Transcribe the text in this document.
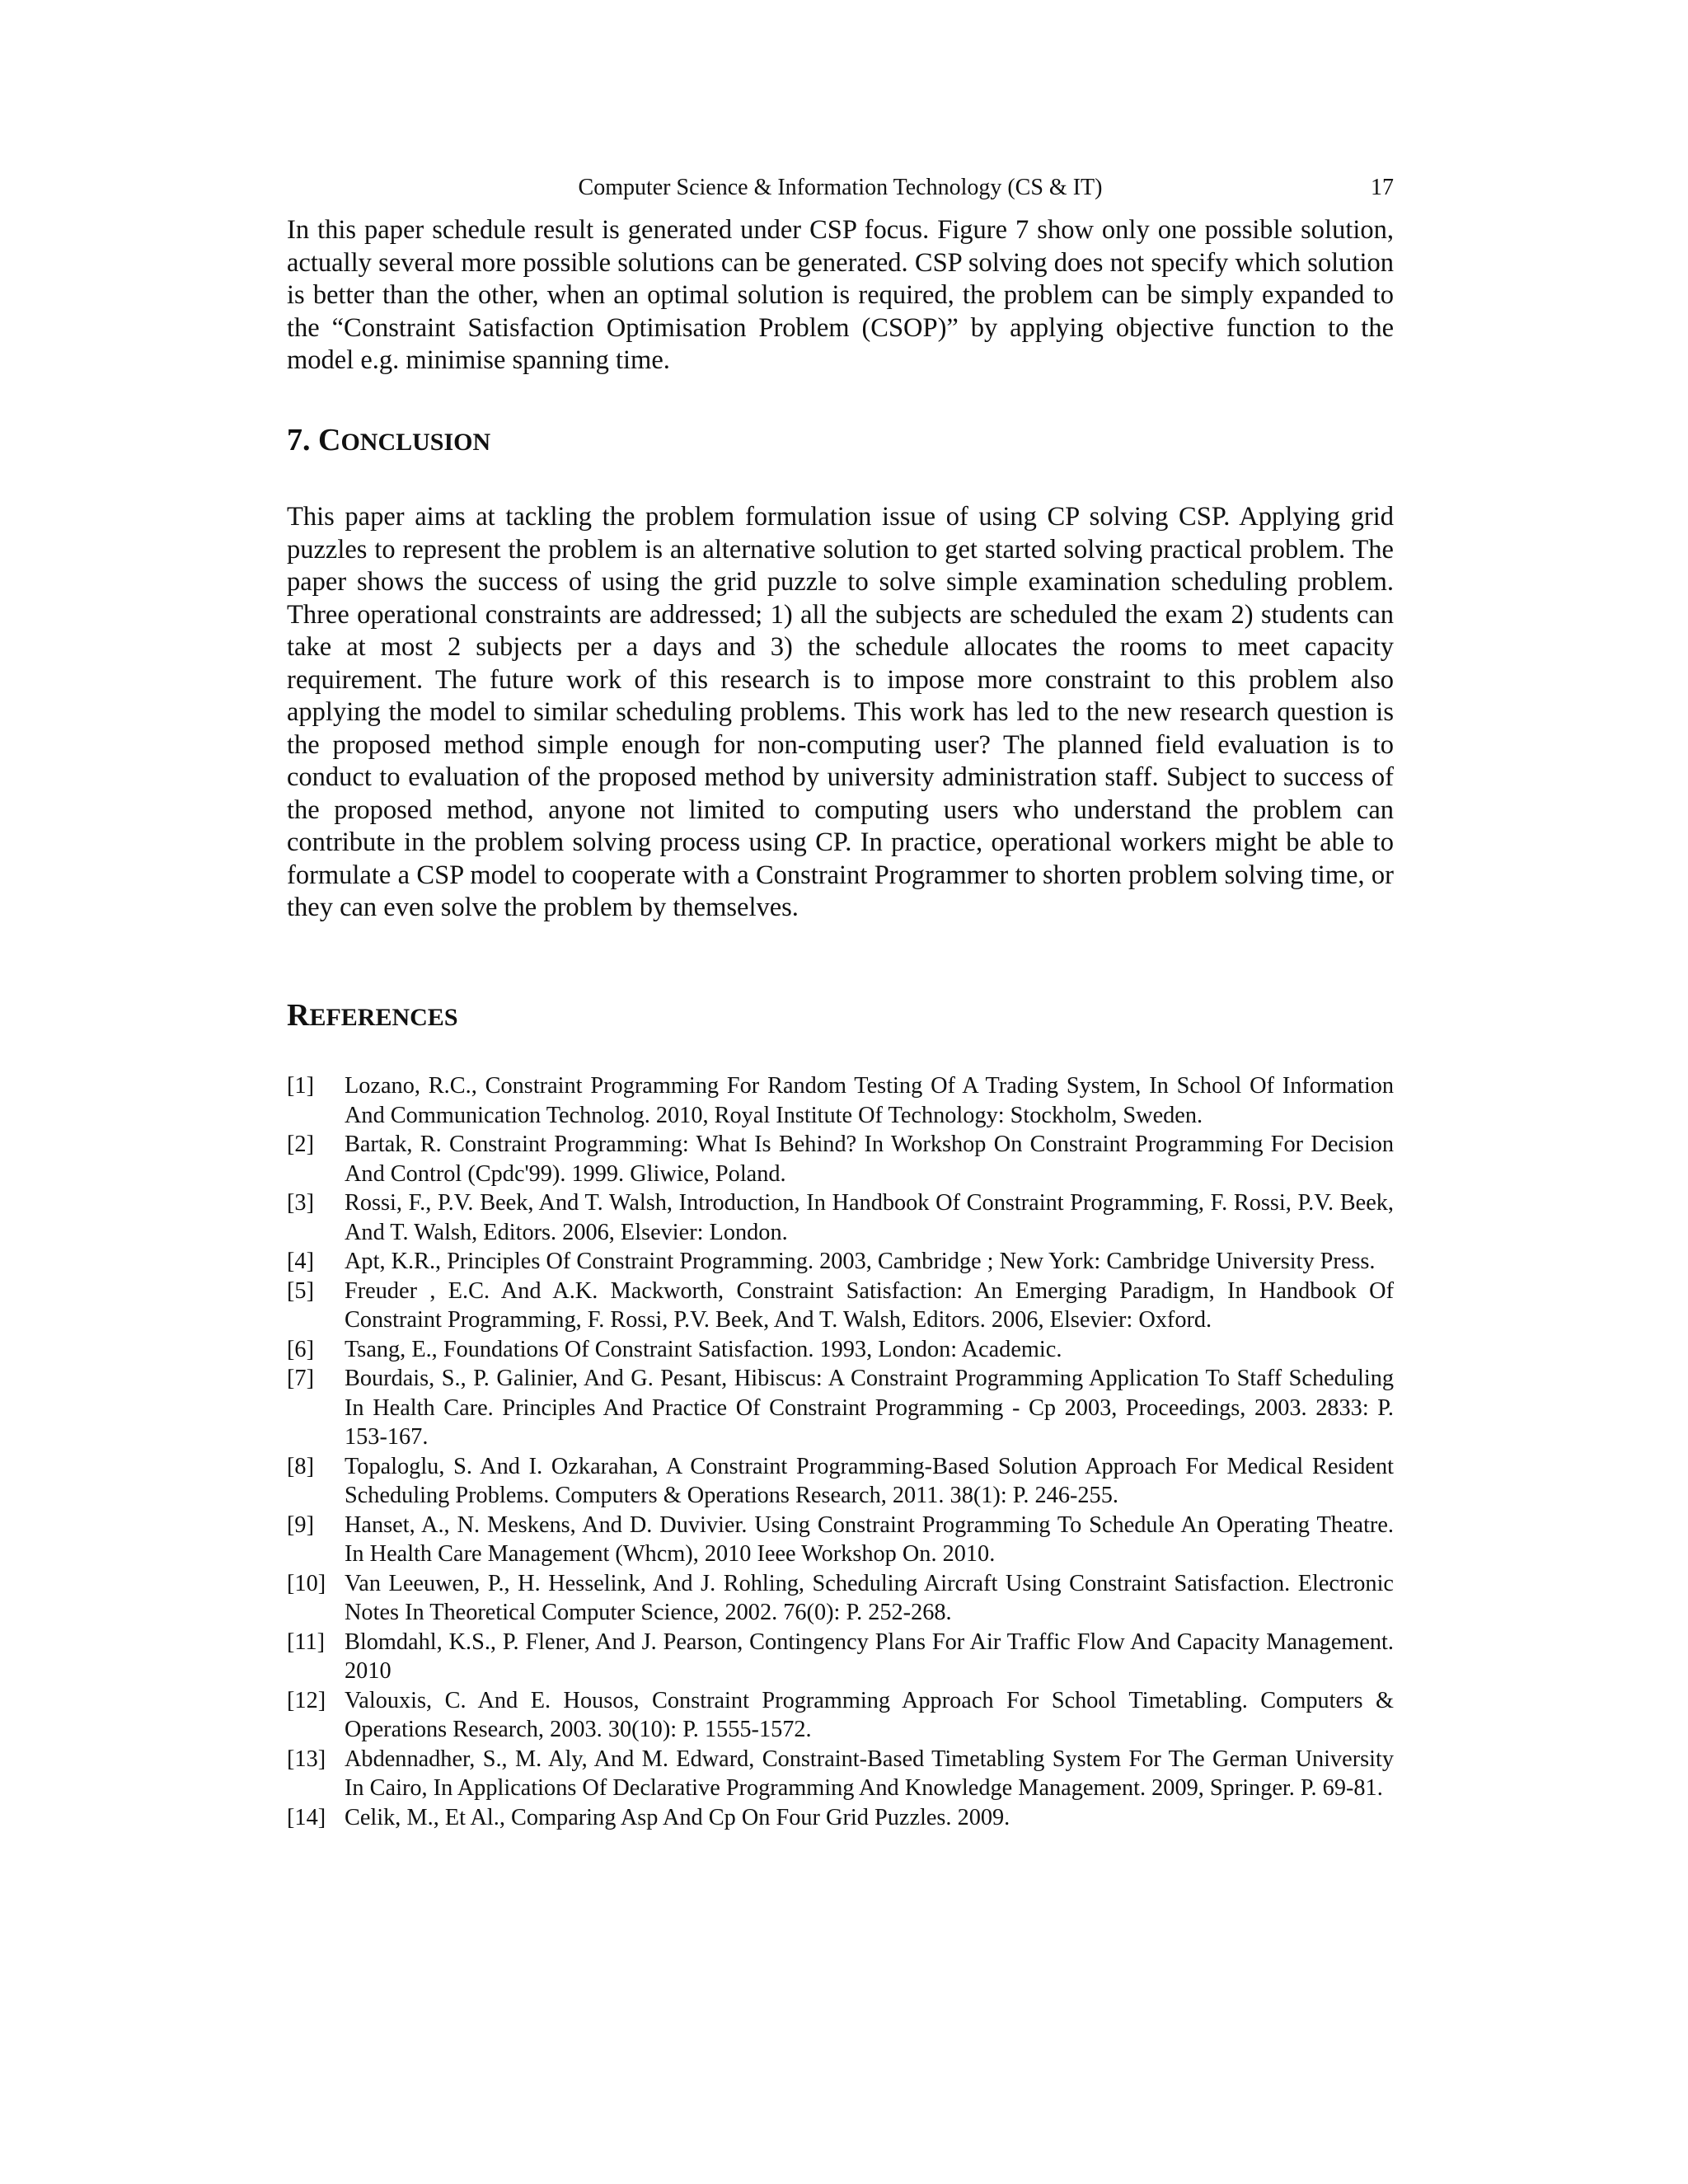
Computer Science & Information Technology (CS & IT)	17

In this paper schedule result is generated under CSP focus. Figure 7 show only one possible solution, actually several more possible solutions can be generated. CSP solving does not specify which solution is better than the other, when an optimal solution is required, the problem can be simply expanded to the “Constraint Satisfaction Optimisation Problem (CSOP)” by applying objective function to the model e.g. minimise spanning time.

7. CONCLUSION

This paper aims at tackling the problem formulation issue of using CP solving CSP. Applying grid puzzles to represent the problem is an alternative solution to get started solving practical problem. The paper shows the success of using the grid puzzle to solve simple examination scheduling problem. Three operational constraints are addressed; 1) all the subjects are scheduled the exam 2) students can take at most 2 subjects per a days and 3) the schedule allocates the rooms to meet capacity requirement. The future work of this research is to impose more constraint to this problem also applying the model to similar scheduling problems. This work has led to the new research question is the proposed method simple enough for non-computing user? The planned field evaluation is to conduct to evaluation of the proposed method by university administration staff. Subject to success of the proposed method, anyone not limited to computing users who understand the problem can contribute in the problem solving process using CP. In practice, operational workers might be able to formulate a CSP model to cooperate with a Constraint Programmer to shorten problem solving time, or they can even solve the problem by themselves.

REFERENCES
[1] Lozano, R.C., Constraint Programming For Random Testing Of A Trading System, In School Of Information And Communication Technolog. 2010, Royal Institute Of Technology: Stockholm, Sweden.
[2] Bartak, R. Constraint Programming: What Is Behind? In Workshop On Constraint Programming For Decision And Control (Cpdc'99). 1999. Gliwice, Poland.
[3] Rossi, F., P.V. Beek, And T. Walsh, Introduction, In Handbook Of Constraint Programming, F. Rossi, P.V. Beek, And T. Walsh, Editors. 2006, Elsevier: London.
[4] Apt, K.R., Principles Of Constraint Programming. 2003, Cambridge ; New York: Cambridge University Press.
[5] Freuder , E.C. And A.K. Mackworth, Constraint Satisfaction: An Emerging Paradigm, In Handbook Of Constraint Programming, F. Rossi, P.V. Beek, And T. Walsh, Editors. 2006, Elsevier: Oxford.
[6] Tsang, E., Foundations Of Constraint Satisfaction. 1993, London: Academic.
[7] Bourdais, S., P. Galinier, And G. Pesant, Hibiscus: A Constraint Programming Application To Staff Scheduling In Health Care. Principles And Practice Of Constraint Programming - Cp 2003, Proceedings, 2003. 2833: P. 153-167.
[8] Topaloglu, S. And I. Ozkarahan, A Constraint Programming-Based Solution Approach For Medical Resident Scheduling Problems. Computers & Operations Research, 2011. 38(1): P. 246-255.
[9] Hanset, A., N. Meskens, And D. Duvivier. Using Constraint Programming To Schedule An Operating Theatre. In Health Care Management (Whcm), 2010 Ieee Workshop On. 2010.
[10] Van Leeuwen, P., H. Hesselink, And J. Rohling, Scheduling Aircraft Using Constraint Satisfaction. Electronic Notes In Theoretical Computer Science, 2002. 76(0): P. 252-268.
[11] Blomdahl, K.S., P. Flener, And J. Pearson, Contingency Plans For Air Traffic Flow And Capacity Management. 2010
[12] Valouxis, C. And E. Housos, Constraint Programming Approach For School Timetabling. Computers & Operations Research, 2003. 30(10): P. 1555-1572.
[13] Abdennadher, S., M. Aly, And M. Edward, Constraint-Based Timetabling System For The German University In Cairo, In Applications Of Declarative Programming And Knowledge Management. 2009, Springer. P. 69-81.
[14] Celik, M., Et Al., Comparing Asp And Cp On Four Grid Puzzles. 2009.
